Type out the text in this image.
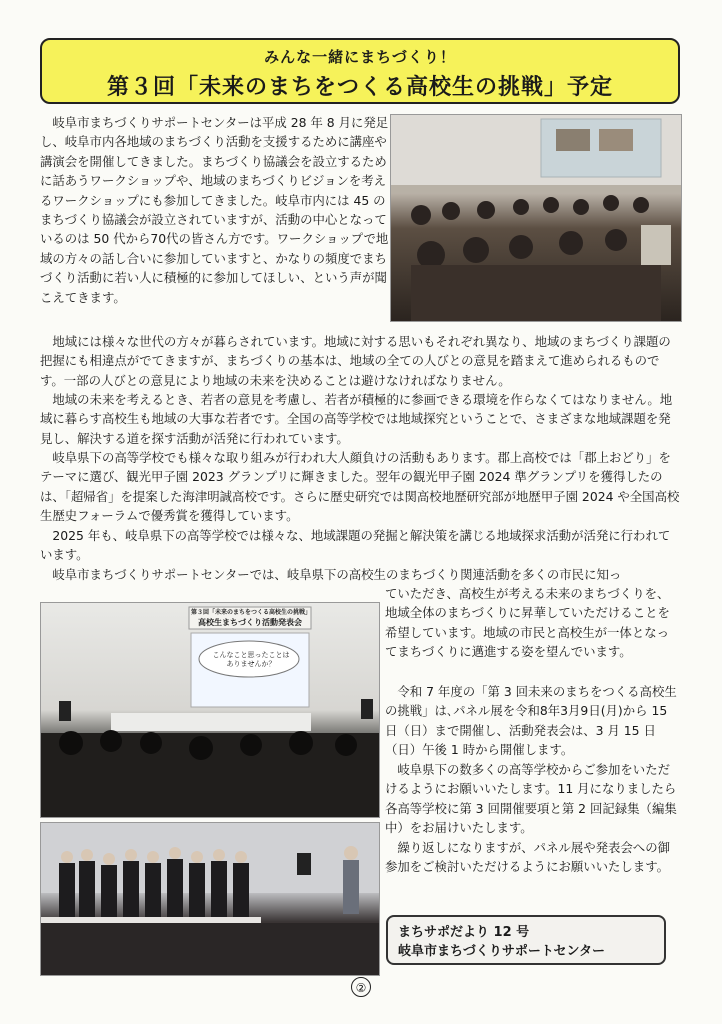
みんな一緒にまちづくり！
第３回「未来のまちをつくる高校生の挑戦」予定

岐阜市まちづくりサポートセンターは平成 28 年 8 月に発足し、岐阜市内各地域のまちづくり活動を支援するために講座や講演会を開催してきました。まちづくり協議会を設立するために話あうワークショップや、地域のまちづくりビジョンを考えるワークショップにも参加してきました。岐阜市内には 45 のまちづくり協議会が設立されていますが、活動の中心となっているのは 50 代から70代の皆さん方です。ワークショップで地域の方々の話し合いに参加していますと、かなりの頻度でまちづくり活動に若い人に積極的に参加してほしい、という声が聞こえてきます。

地域には様々な世代の方々が暮らされています。地域に対する思いもそれぞれ異なり、地域のまちづくり課題の把握にも相違点がでてきますが、まちづくりの基本は、地域の全ての人びとの意見を踏まえて進められるものです。一部の人びとの意見により地域の未来を決めることは避けなければなりません。

地域の未来を考えるとき、若者の意見を考慮し、若者が積極的に参画できる環境を作らなくてはなりません。地域に暮らす高校生も地域の大事な若者です。全国の高等学校では地域探究ということで、さまざまな地域課題を発見し、解決する道を探す活動が活発に行われています。

岐阜県下の高等学校でも様々な取り組みが行われ大人顔負けの活動もあります。郡上高校では「郡上おどり」をテーマに選び、観光甲子園 2023 グランプリに輝きました。翌年の観光甲子園 2024 準グランプリを獲得したのは、「超帰省」を提案した海津明誠高校です。さらに歴史研究では関高校地歴研究部が地歴甲子園 2024 や全国高校生歴史フォーラムで優秀賞を獲得しています。

2025 年も、岐阜県下の高等学校では様々な、地域課題の発掘と解決策を講じる地域探求活動が活発に行われています。

岐阜市まちづくりサポートセンターでは、岐阜県下の高校生のまちづくり関連活動を多くの市民に知っ

第３回「未来のまちをつくる高校生の挑戦」
高校生まちづくり活動発表会
こんなこと思ったことは
ありませんか？

ていただき、高校生が考える未来のまちづくりを、地域全体のまちづくりに昇華していただけることを希望しています。地域の市民と高校生が一体となってまちづくりに邁進する姿を望んでいます。

令和 7 年度の「第 3 回未来のまちをつくる高校生の挑戦」は､パネル展を令和8年3月9日(月)から 15 日（日）まで開催し、活動発表会は、3 月 15 日（日）午後 1 時から開催します。

岐阜県下の数多くの高等学校からご参加をいただけるようにお願いいたします。11 月になりましたら各高等学校に第 3 回開催要項と第 2 回記録集（編集中）をお届けいたします。

繰り返しになりますが、パネル展や発表会への御参加をご検討いただけるようにお願いいたします。

まちサポだより 12 号
岐阜市まちづくりサポートセンター
②
